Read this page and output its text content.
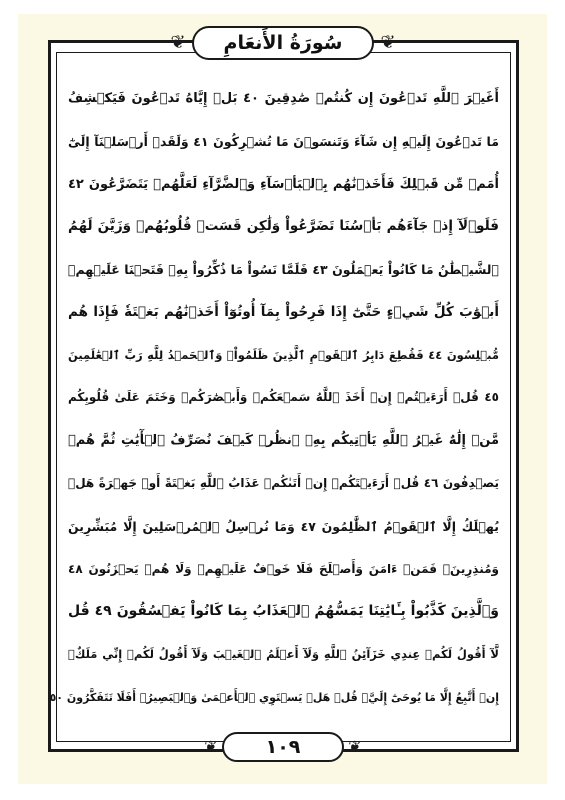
❦ سُورَةُ الأَنعَامِ ❦
أَغَيۡرَ ٱللَّهِ تَدۡعُونَ إِن كُنتُمۡ صَٰدِقِينَ ٤٠ بَلۡ إِيَّاهُ تَدۡعُونَ فَيَكۡشِفُ
مَا تَدۡعُونَ إِلَيۡهِ إِن شَآءَ وَتَنسَوۡنَ مَا تُشۡرِكُونَ ٤١ وَلَقَدۡ أَرۡسَلۡنَآ إِلَىٰٓ
أُمَمٖ مِّن قَبۡلِكَ فَأَخَذۡنَٰهُم بِٱلۡبَأۡسَآءِ وَٱلضَّرَّآءِ لَعَلَّهُمۡ يَتَضَرَّعُونَ ٤٢
فَلَوۡلَآ إِذۡ جَآءَهُم بَأۡسُنَا تَضَرَّعُواْ وَلَٰكِن قَسَتۡ قُلُوبُهُمۡ وَزَيَّنَ لَهُمُ
ٱلشَّيۡطَٰنُ مَا كَانُواْ يَعۡمَلُونَ ٤٣ فَلَمَّا نَسُواْ مَا ذُكِّرُواْ بِهِۦ فَتَحۡنَا عَلَيۡهِمۡ
أَبۡوَٰبَ كُلِّ شَيۡءٍ حَتَّىٰٓ إِذَا فَرِحُواْ بِمَآ أُوتُوٓاْ أَخَذۡنَٰهُم بَغۡتَةٗ فَإِذَا هُم
مُّبۡلِسُونَ ٤٤ فَقُطِعَ دَابِرُ ٱلۡقَوۡمِ ٱلَّذِينَ ظَلَمُواْۚ وَٱلۡحَمۡدُ لِلَّهِ رَبِّ ٱلۡعَٰلَمِينَ
٤٥ قُلۡ أَرَءَيۡتُمۡ إِنۡ أَخَذَ ٱللَّهُ سَمۡعَكُمۡ وَأَبۡصَٰرَكُمۡ وَخَتَمَ عَلَىٰ قُلُوبِكُم
مَّنۡ إِلَٰهٌ غَيۡرُ ٱللَّهِ يَأۡتِيكُم بِهِۗ ٱنظُرۡ كَيۡفَ نُصَرِّفُ ٱلۡأٓيَٰتِ ثُمَّ هُمۡ
يَصۡدِفُونَ ٤٦ قُلۡ أَرَءَيۡتَكُمۡ إِنۡ أَتَىٰكُمۡ عَذَابُ ٱللَّهِ بَغۡتَةً أَوۡ جَهۡرَةً هَلۡ
يُهۡلَكُ إِلَّا ٱلۡقَوۡمُ ٱلظَّٰلِمُونَ ٤٧ وَمَا نُرۡسِلُ ٱلۡمُرۡسَلِينَ إِلَّا مُبَشِّرِينَ
وَمُنذِرِينَۖ فَمَنۡ ءَامَنَ وَأَصۡلَحَ فَلَا خَوۡفٌ عَلَيۡهِمۡ وَلَا هُمۡ يَحۡزَنُونَ ٤٨
وَٱلَّذِينَ كَذَّبُواْ بِـَٔايَٰتِنَا يَمَسُّهُمُ ٱلۡعَذَابُ بِمَا كَانُواْ يَفۡسُقُونَ ٤٩ قُل
لَّآ أَقُولُ لَكُمۡ عِندِي خَزَآئِنُ ٱللَّهِ وَلَآ أَعۡلَمُ ٱلۡغَيۡبَ وَلَآ أَقُولُ لَكُمۡ إِنِّي مَلَكٌۖ
إِنۡ أَتَّبِعُ إِلَّا مَا يُوحَىٰٓ إِلَيَّۚ قُلۡ هَلۡ يَسۡتَوِي ٱلۡأَعۡمَىٰ وَٱلۡبَصِيرُۚ أَفَلَا تَتَفَكَّرُونَ ٥٠
❦	١٠٩	❦
